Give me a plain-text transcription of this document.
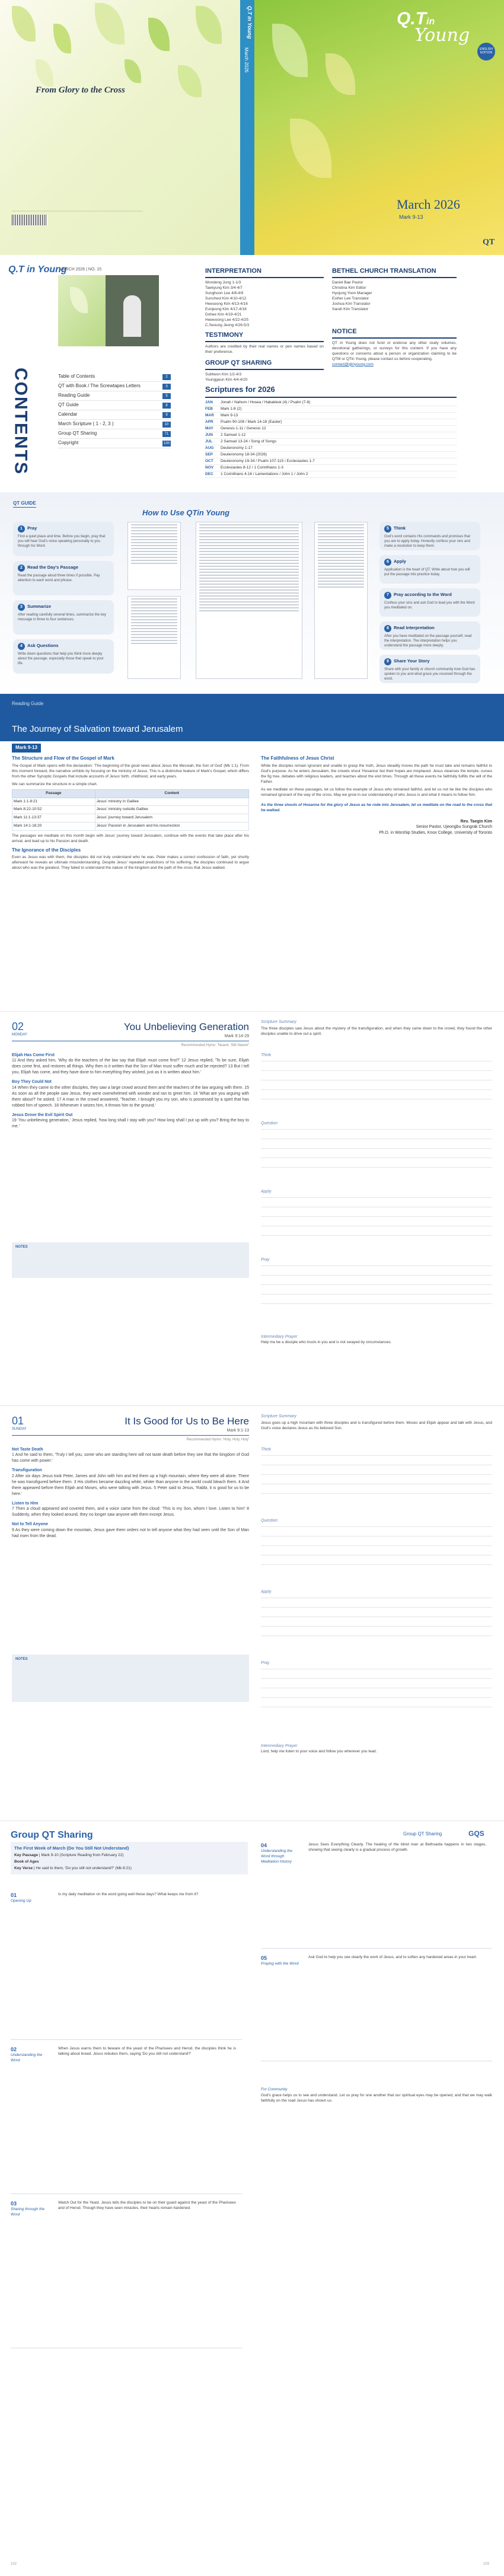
From Glory to the Cross
Q.T in Young
March 2026
Q.Tin
Young
ENGLISH EDITION
March 2026
Mark 9-13
QT
Q.T in Young
MARCH 2026 | NO. 15
CONTENTS	Table of Contents	2
QT with Book / The Screwtapes Letters	3
Reading Guide	5
QT Guide	8
Calendar	9
March Scripture ( 1 - 2, 3 )	10
Group QT Sharing	71
Copyright	100
INTERPRETATION
Wondeng Jung 1-1/3
Taekyung Kim 3/4-4/7
Sunghoon Lee 4/8-4/9
Suncheol Kim 4/10-4/12
Heeseong Kim 4/13-4/16
Eunjeong Kim 4/17-4/18
Dohee Kim 4/19-4/21
Heewoong Lee 4/22-4/25
C.Seoung Jeong 4/26-5/3
TESTIMONY
Authors are credited by their real names or pen names based on their preference.
GROUP QT SHARING
Subheon Kim 1/2-4/3
Younggeun Kim 4/4-4/20
BETHEL CHURCH TRANSLATION
Daniel Bae Pastor
Christina Kim Editor
Hyojung Yoon Manager
Esther Lee Translator
Joshua Kim Translator
Sarah Kim Translator
NOTICE
QT in Young does not fund or endorse any other study volumes, devotional gatherings, or surveys for this content. If you have any questions or concerns about a person or organization claiming to be QTM or QTin Young, please contact us before cooperating.
contact@qtinyoung.com
Scriptures for 2026
JAN Jonah / Nahum / Hosea / Habakkuk (4) / Psalm (7-8)
FEB Mark 1-8 (2)
MAR Mark 9-13
APR Psalm 90-106 / Mark 14-16 (Easter)
MAY Genesis 1-11 / Genesis 12
JUN 2 Samuel 1-12
JUL 2 Samuel 13-24 / Song of Songs
AUG Deuteronomy 1-17
SEP Deuteronomy 18-34 (2026)
OCT Deuteronomy 19-34 / Psalm 107-115 / Ecclesiastes 1-7
NOV Ecclesiastes 8-12 / 1 Corinthians 1-3
DEC 1 Corinthians 4-16 / Lamentations / John 1 / John 2
QT GUIDE
How to Use QTin Young
1 Pray
Find a quiet place and time. Before you begin, pray that you will hear God's voice speaking personally to you through his Word.
2 Read the Day's Passage
Read the passage aloud three times if possible. Pay attention to each word and phrase.
3 Summarize
After reading carefully several times, summarize the key message in three to four sentences.
4 Ask Questions
Write down questions that help you think more deeply about the passage, especially those that speak to your life.
5 Think
God's word contains His commands and promises that you are to apply today. Honestly confess your sins and make a resolution to keep them.
6 Apply
Application is the heart of QT. Write about how you will put the passage into practice today.
7 Pray according to the Word
Confess your sins and ask God to lead you with the Word you meditated on.
8 Read Interpretation
After you have meditated on the passage yourself, read the interpretation. The interpretation helps you understand the passage more deeply.
9 Share Your Story
Share with your family or church community how God has spoken to you and what grace you received through the word.
Reading Guide
The Journey of Salvation toward Jerusalem
Mark 9-13
The Structure and Flow of the Gospel of Mark
The Gospel of Mark opens with the declaration: 'The beginning of the good news about Jesus the Messiah, the Son of God' (Mk 1:1). From this moment forward, the narrative unfolds by focusing on the ministry of Jesus. This is a distinctive feature of Mark's Gospel, which differs from the other Synoptic Gospels that include accounts of Jesus' birth, childhood, and early years.
We can summarize the structure in a simple chart.
Passage	Content
Mark 1:1-8:21	Jesus' ministry in Galilee
Mark 8:22-10:52	Jesus' ministry outside Galilee
Mark 11:1-13:37	Jesus' journey toward Jerusalem
Mark 14:1-16:20	Jesus' Passion in Jerusalem and his resurrection
The passages we meditate on this month begin with Jesus' journey toward Jerusalem, continue with the events that take place after his arrival, and lead up to his Passion and death.
The Ignorance of the Disciples
Even as Jesus was with them, the disciples did not truly understand who he was. Peter makes a correct confession of faith, yet shortly afterward he reveals an ultimate misunderstanding. Despite Jesus' repeated predictions of his suffering, the disciples continued to argue about who was the greatest. They failed to understand the nature of the kingdom and the path of the cross that Jesus walked.
The Faithfulness of Jesus Christ
While the disciples remain ignorant and unable to grasp the truth, Jesus steadily moves the path he must take and remains faithful to God's purpose. As he enters Jerusalem, the crowds shout 'Hosanna' but their hopes are misplaced. Jesus cleanses the temple, curses the fig tree, debates with religious leaders, and teaches about the end times. Through all these events he faithfully fulfills the will of the Father.
As we meditate on these passages, let us follow the example of Jesus who remained faithful, and let us not be like the disciples who remained ignorant of the way of the cross. May we grow in our understanding of who Jesus is and what it means to follow him.
As the three shouts of Hosanna for the glory of Jesus as he rode into Jerusalem, let us meditate on the road to the cross that he walked.
Rev. Taegin Kim
Senior Pastor, Ujeongbu Sungrak Church
Ph.D. in Worship Studies, Knox College, University of Toronto
02
MONDAY
You Unbelieving Generation
Mark 9:14-29
Recommended Hymn: 'Nearer, Still Nearer'
Elijah Has Come First
11 And they asked him, 'Why do the teachers of the law say that Elijah must come first?' 12 Jesus replied, 'To be sure, Elijah does come first, and restores all things. Why then is it written that the Son of Man must suffer much and be rejected? 13 But I tell you, Elijah has come, and they have done to him everything they wished, just as it is written about him.'
Boy They Could Not
14 When they came to the other disciples, they saw a large crowd around them and the teachers of the law arguing with them. 15 As soon as all the people saw Jesus, they were overwhelmed with wonder and ran to greet him. 16 'What are you arguing with them about?' he asked. 17 A man in the crowd answered, 'Teacher, I brought you my son, who is possessed by a spirit that has robbed him of speech. 18 Whenever it seizes him, it throws him to the ground.'
Jesus Drove the Evil Spirit Out
19 'You unbelieving generation,' Jesus replied, 'how long shall I stay with you? How long shall I put up with you? Bring the boy to me.'
NOTES
Scripture Summary
The three disciples saw Jesus about the mystery of the transfiguration, and when they came down to the crowd, they found the other disciples unable to drive out a spirit.
Intermediary Prayer
Help me be a disciple who trusts in you and is not swayed by circumstances.
Think
Question
Apply
Pray
01
SUNDAY
It Is Good for Us to Be Here
Mark 9:1-13
Recommended Hymn: 'Holy, Holy, Holy'
Not Taste Death
1 And he said to them, 'Truly I tell you, some who are standing here will not taste death before they see that the kingdom of God has come with power.'
Transfiguration
2 After six days Jesus took Peter, James and John with him and led them up a high mountain, where they were all alone. There he was transfigured before them. 3 His clothes became dazzling white, whiter than anyone in the world could bleach them. 4 And there appeared before them Elijah and Moses, who were talking with Jesus. 5 Peter said to Jesus, 'Rabbi, it is good for us to be here.'
Listen to Him
7 Then a cloud appeared and covered them, and a voice came from the cloud: 'This is my Son, whom I love. Listen to him!' 8 Suddenly, when they looked around, they no longer saw anyone with them except Jesus.
Not to Tell Anyone
9 As they were coming down the mountain, Jesus gave them orders not to tell anyone what they had seen until the Son of Man had risen from the dead.
NOTES
Scripture Summary
Jesus goes up a high mountain with three disciples and is transfigured before them. Moses and Elijah appear and talk with Jesus, and God's voice declares Jesus as his beloved Son.
Intermediary Prayer
Lord, help me listen to your voice and follow you wherever you lead.
Think
Question
Apply
Pray
Group QT Sharing	Group QT Sharing	GQS
The First Week of March (Do You Still Not Understand)
Key Passage | Mark 9-10 (Scripture Reading from February 22)
Book of Ages
Key Verse | He said to them, 'Do you still not understand?' (Mk 8:21)
01
Opening Up
Is my daily meditation on the word going well these days? What keeps me from it?
02
Understanding the Word
When Jesus warns them to beware of the yeast of the Pharisees and Herod, the disciples think he is talking about bread. Jesus rebukes them, saying 'Do you still not understand?'
03
Sharing through the Word
Watch Out for the Yeast. Jesus tells the disciples to be on their guard against the yeast of the Pharisees and of Herod. Though they have seen miracles, their hearts remain hardened.
04
Understanding the Word through Meditation History
Jesus Sees Everything Clearly. The healing of the blind man at Bethsaida happens in two stages, showing that seeing clearly is a gradual process of growth.
05
Praying with the Word
Ask God to help you see clearly the work of Jesus, and to soften any hardened areas in your heart.
For Community
God's grace helps us to see and understand. Let us pray for one another that our spiritual eyes may be opened, and that we may walk faithfully on the road Jesus has shown us.
102	103
